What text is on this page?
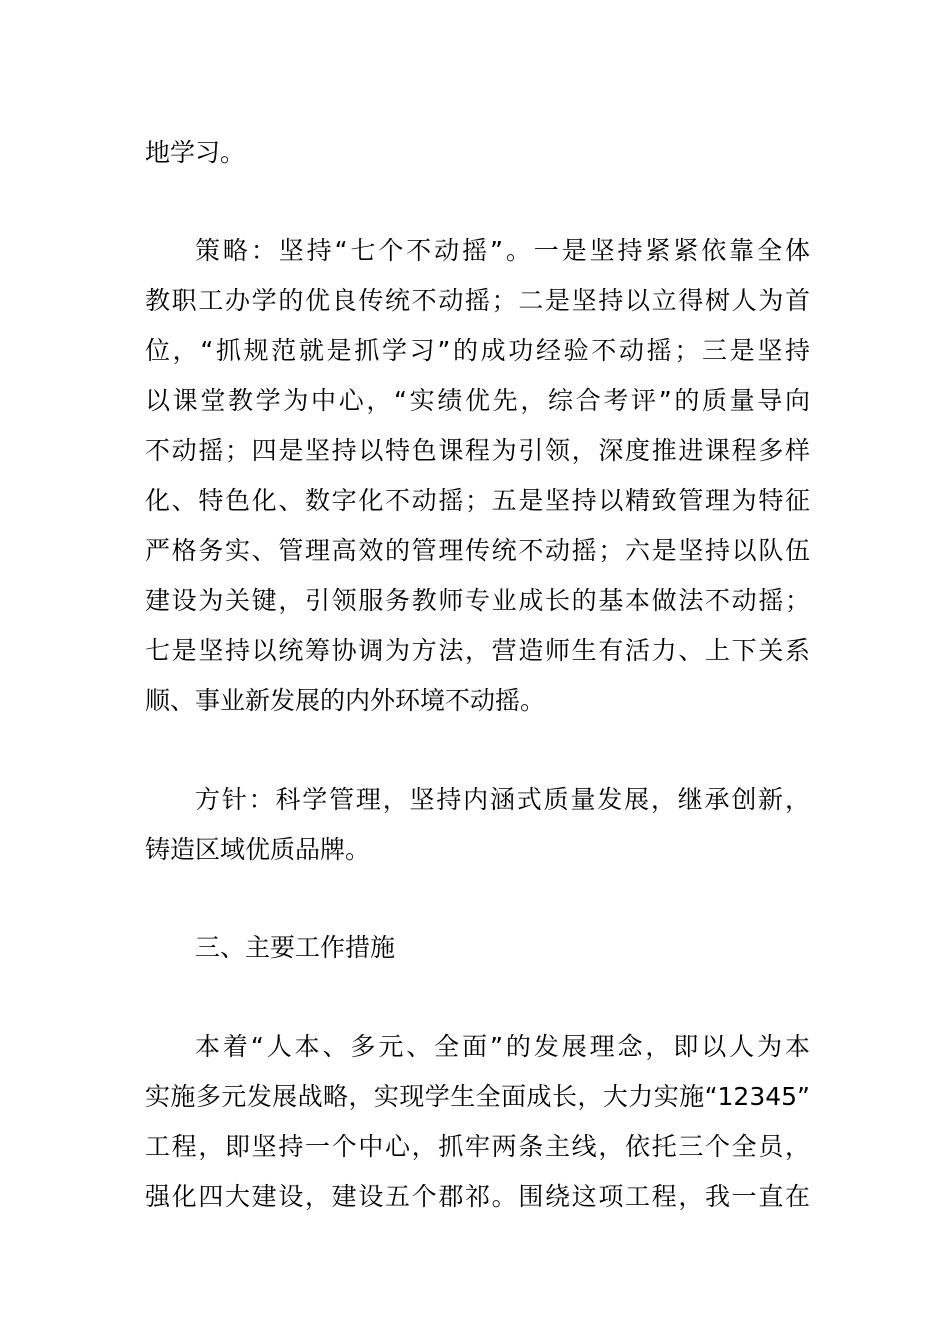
地学习。
策略：坚持“七个不动摇”。一是坚持紧紧依靠全体
教职工办学的优良传统不动摇；二是坚持以立得树人为首
位，“抓规范就是抓学习”的成功经验不动摇；三是坚持
以课堂教学为中心，“实绩优先，综合考评”的质量导向
不动摇；四是坚持以特色课程为引领，深度推进课程多样
化、特色化、数字化不动摇；五是坚持以精致管理为特征
严格务实、管理高效的管理传统不动摇；六是坚持以队伍
建设为关键，引领服务教师专业成长的基本做法不动摇；
七是坚持以统筹协调为方法，营造师生有活力、上下关系
顺、事业新发展的内外环境不动摇。
方针：科学管理，坚持内涵式质量发展，继承创新，
铸造区域优质品牌。
三、主要工作措施
本着“人本、多元、全面”的发展理念，即以人为本
实施多元发展战略，实现学生全面成长，大力实施“12345”
工程，即坚持一个中心，抓牢两条主线，依托三个全员，
强化四大建设，建设五个郡祁。围绕这项工程，我一直在
